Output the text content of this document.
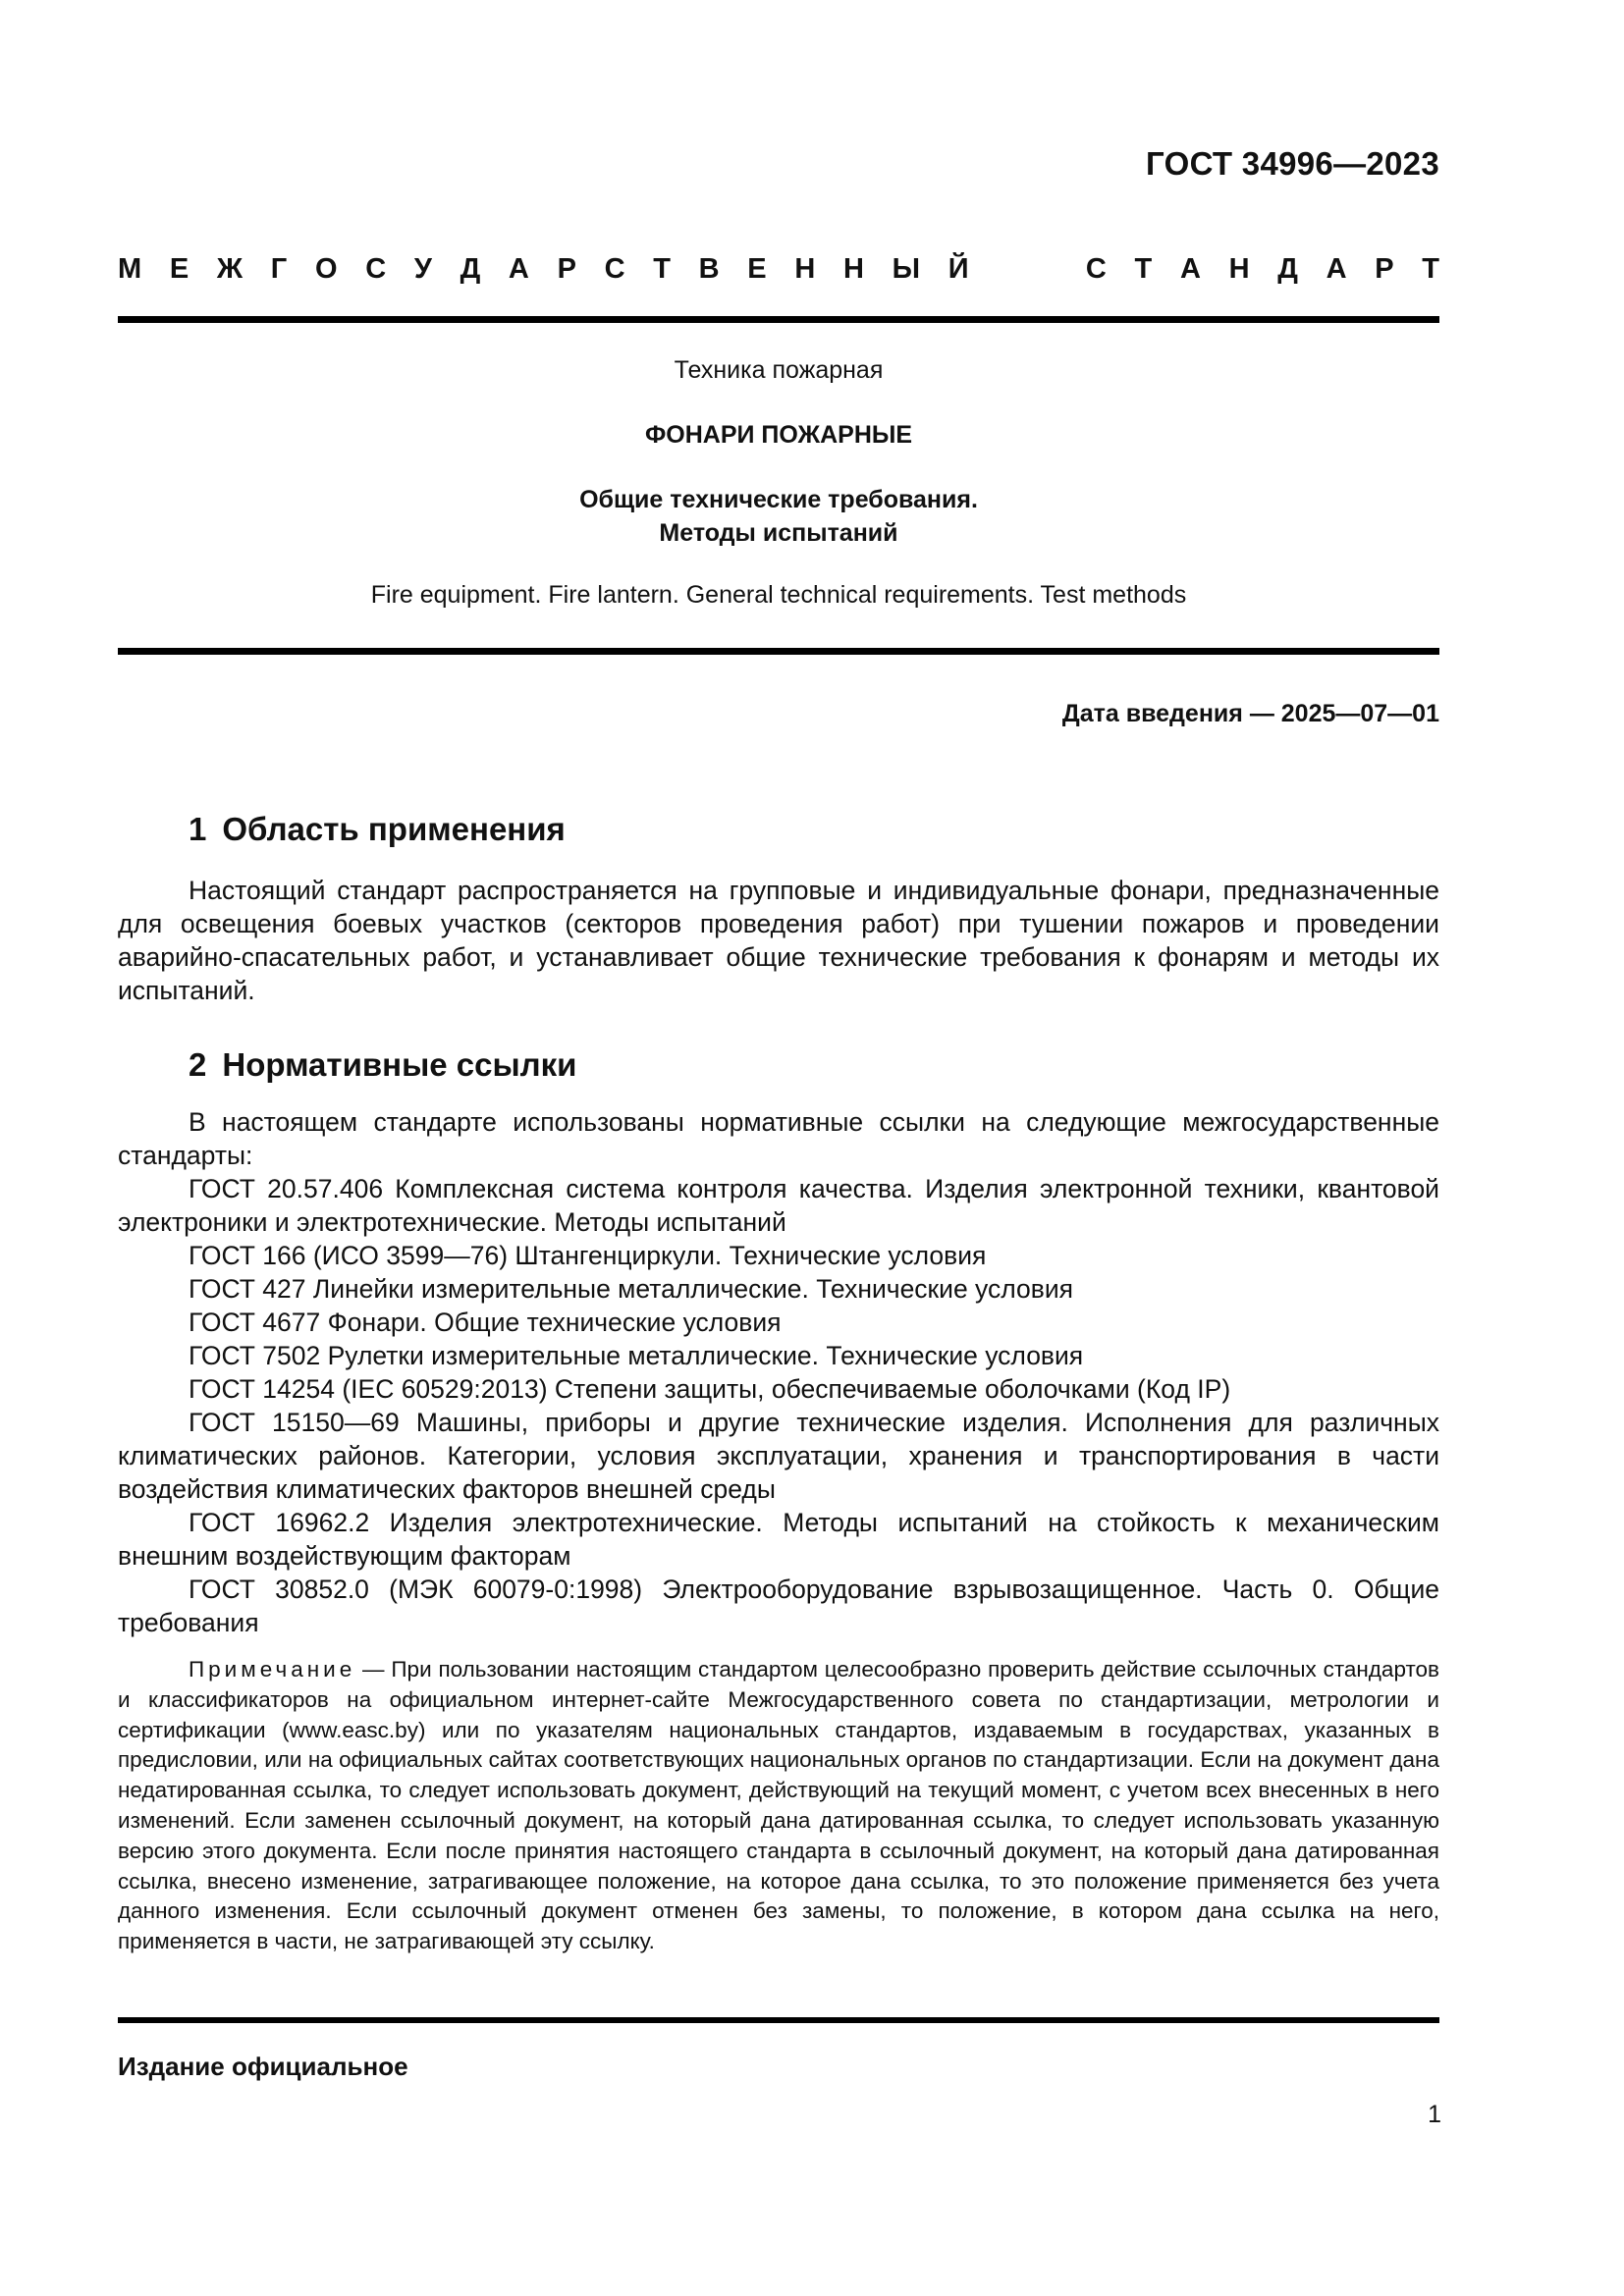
ГОСТ 34996—2023
М Е Ж Г О С У Д А Р С Т В Е Н Н Ы Й	С Т А Н Д А Р Т
Техника пожарная
ФОНАРИ ПОЖАРНЫЕ
Общие технические требования.
Методы испытаний
Fire equipment. Fire lantern. General technical requirements. Test methods
Дата введения — 2025—07—01
1 Область применения

Настоящий стандарт распространяется на групповые и индивидуальные фонари, предназначенные для освещения боевых участков (секторов проведения работ) при тушении пожаров и проведении аварийно-спасательных работ, и устанавливает общие технические требования к фонарям и методы их испытаний.

2 Нормативные ссылки

В настоящем стандарте использованы нормативные ссылки на следующие межгосударственные стандарты:

ГОСТ 20.57.406 Комплексная система контроля качества. Изделия электронной техники, квантовой электроники и электротехнические. Методы испытаний
ГОСТ 166 (ИСО 3599—76) Штангенциркули. Технические условия
ГОСТ 427 Линейки измерительные металлические. Технические условия
ГОСТ 4677 Фонари. Общие технические условия
ГОСТ 7502 Рулетки измерительные металлические. Технические условия
ГОСТ 14254 (IEC 60529:2013) Степени защиты, обеспечиваемые оболочками (Код IP)
ГОСТ 15150—69 Машины, приборы и другие технические изделия. Исполнения для различных климатических районов. Категории, условия эксплуатации, хранения и транспортирования в части воздействия климатических факторов внешней среды
ГОСТ 16962.2 Изделия электротехнические. Методы испытаний на стойкость к механическим внешним воздействующим факторам
ГОСТ 30852.0 (МЭК 60079-0:1998) Электрооборудование взрывозащищенное. Часть 0. Общие требования

Примечание — При пользовании настоящим стандартом целесообразно проверить действие ссылочных стандартов и классификаторов на официальном интернет-сайте Межгосударственного совета по стандартизации, метрологии и сертификации (www.easc.by) или по указателям национальных стандартов, издаваемым в государствах, указанных в предисловии, или на официальных сайтах соответствующих национальных органов по стандартизации. Если на документ дана недатированная ссылка, то следует использовать документ, действующий на текущий момент, с учетом всех внесенных в него изменений. Если заменен ссылочный документ, на который дана датированная ссылка, то следует использовать указанную версию этого документа. Если после принятия настоящего стандарта в ссылочный документ, на который дана датированная ссылка, внесено изменение, затрагивающее положение, на которое дана ссылка, то это положение применяется без учета данного изменения. Если ссылочный документ отменен без замены, то положение, в котором дана ссылка на него, применяется в части, не затрагивающей эту ссылку.

Издание официальное
1
